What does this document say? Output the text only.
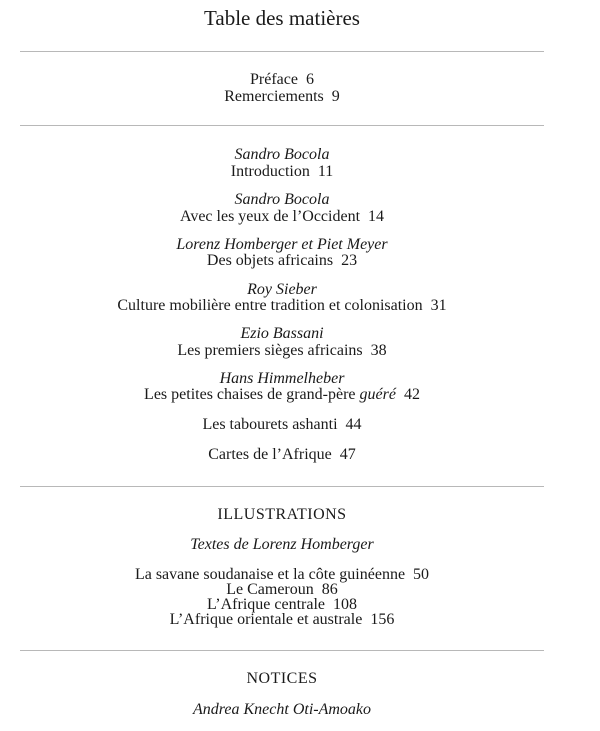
Table des matières
Préface 6
Remerciements 9
Sandro Bocola
Introduction 11
Sandro Bocola
Avec les yeux de l’Occident 14
Lorenz Homberger et Piet Meyer
Des objets africains 23
Roy Sieber
Culture mobilière entre tradition et colonisation 31
Ezio Bassani
Les premiers sièges africains 38
Hans Himmelheber
Les petites chaises de grand-père guéré 42
Les tabourets ashanti 44
Cartes de l’Afrique 47
ILLUSTRATIONS
Textes de Lorenz Homberger
La savane soudanaise et la côte guinéenne 50
Le Cameroun 86
L’Afrique centrale 108
L’Afrique orientale et australe 156
NOTICES
Andrea Knecht Oti-Amoako
